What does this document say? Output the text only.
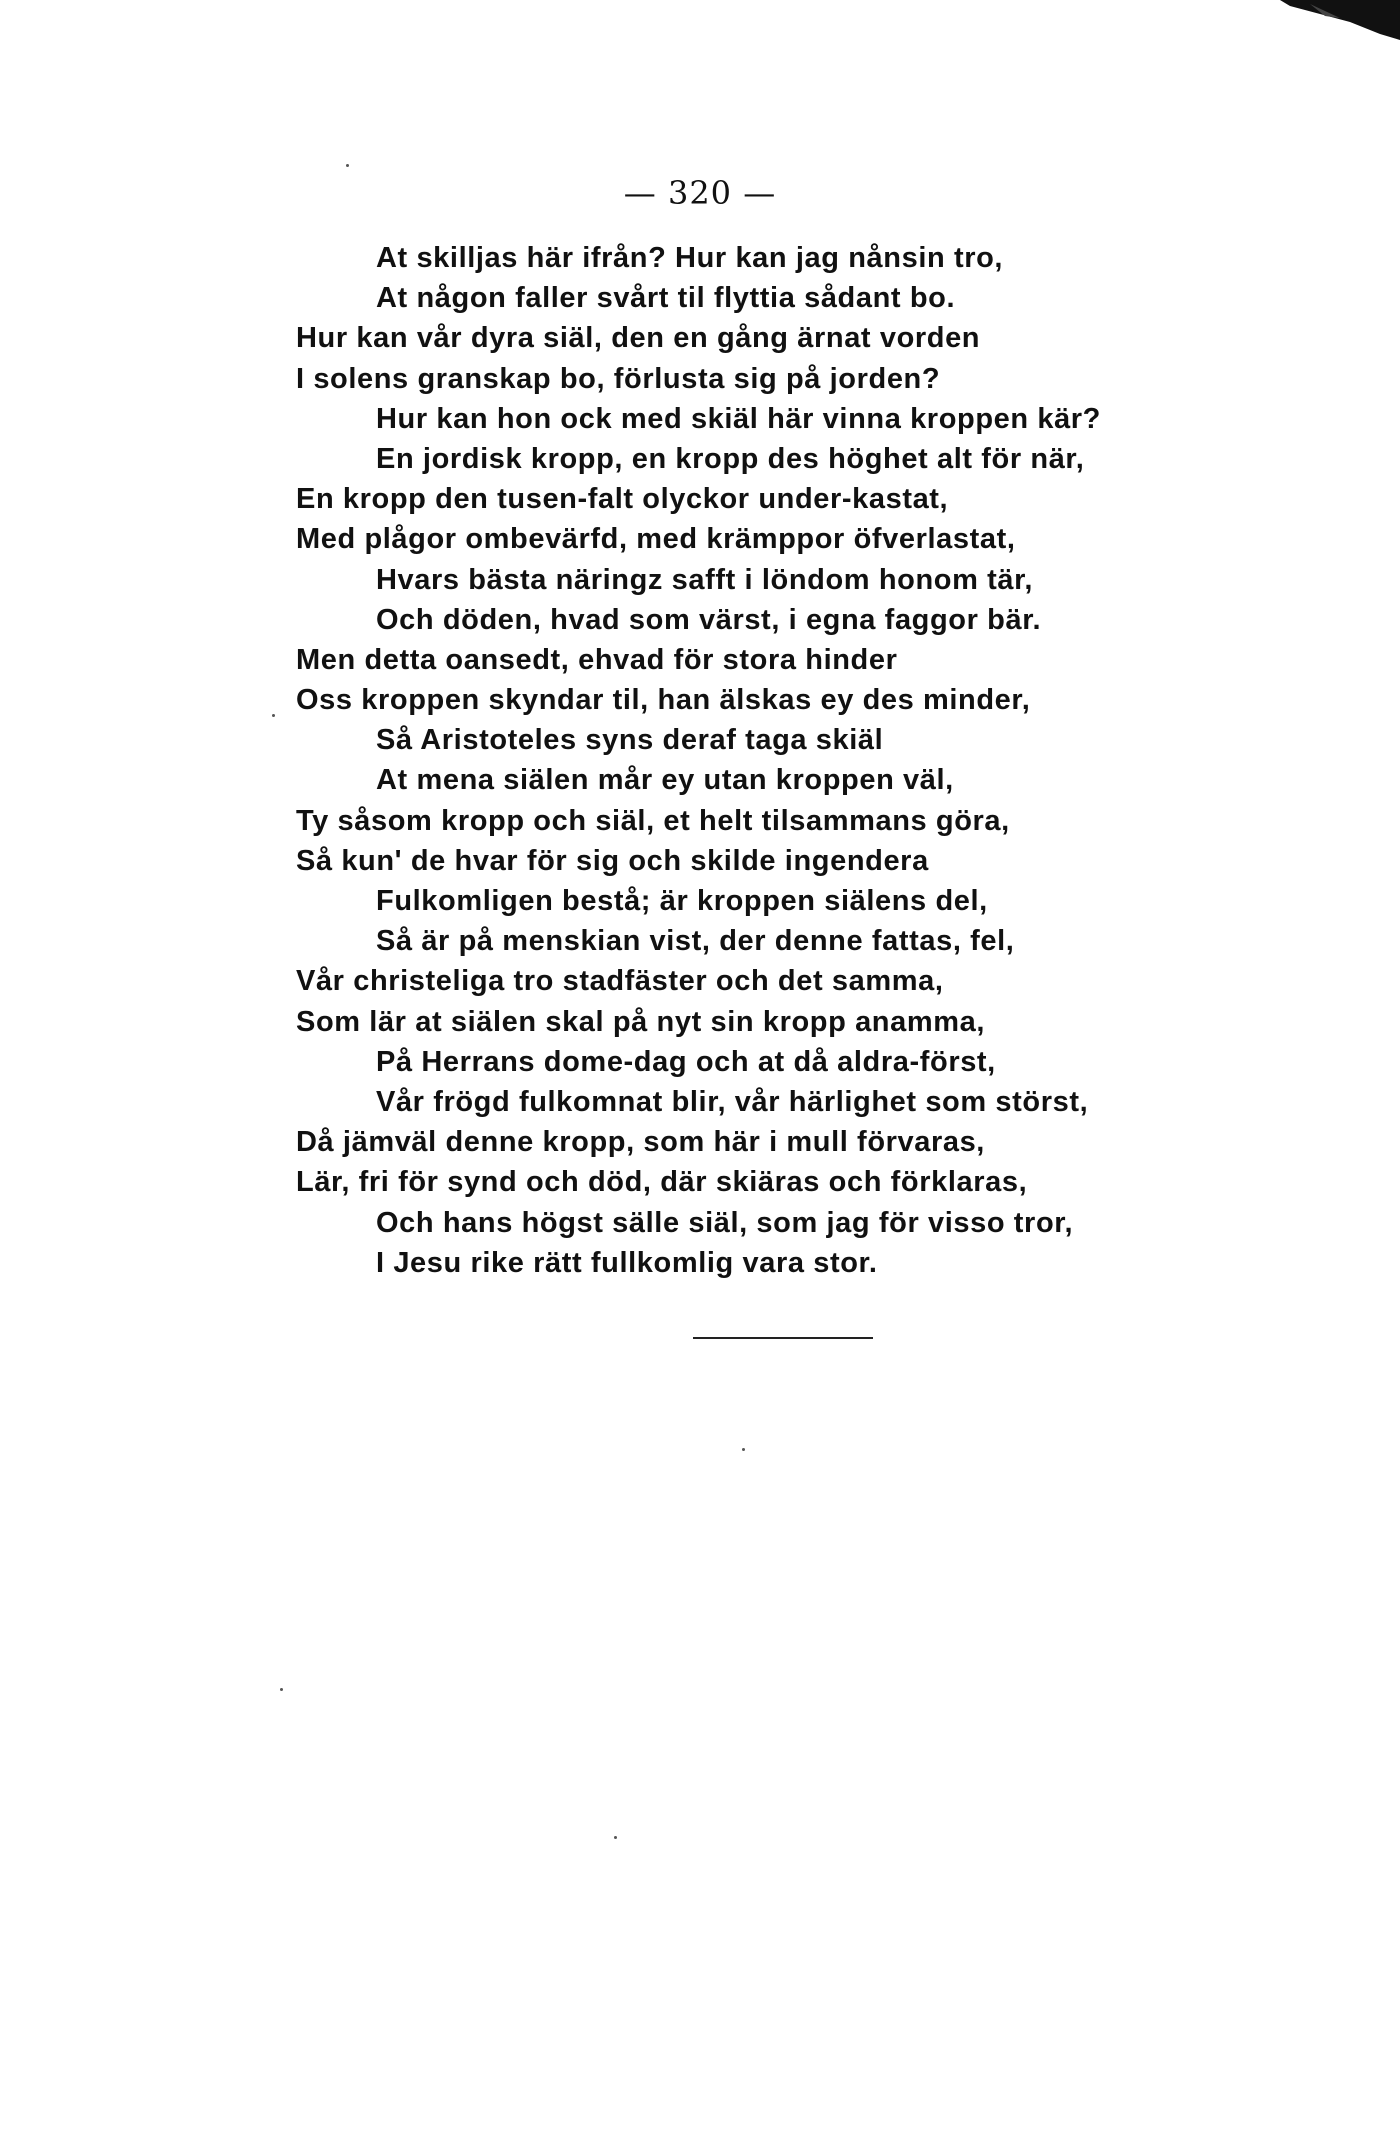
— 320 —
At skilljas här ifrån? Hur kan jag nånsin tro,
At någon faller svårt til flyttia sådant bo.
Hur kan vår dyra siäl, den en gång ärnat vorden
I solens granskap bo, förlusta sig på jorden?
Hur kan hon ock med skiäl här vinna kroppen kär?
En jordisk kropp, en kropp des höghet alt för när,
En kropp den tusen-falt olyckor under-kastat,
Med plågor ombevärfd, med krämppor öfverlastat,
Hvars bästa näringz safft i löndom honom tär,
Och döden, hvad som värst, i egna faggor bär.
Men detta oansedt, ehvad för stora hinder
Oss kroppen skyndar til, han älskas ey des minder,
Så Aristoteles syns deraf taga skiäl
At mena siälen mår ey utan kroppen väl,
Ty såsom kropp och siäl, et helt tilsammans göra,
Så kun' de hvar för sig och skilde ingendera
Fulkomligen bestå; är kroppen siälens del,
Så är på menskian vist, der denne fattas, fel,
Vår christeliga tro stadfäster och det samma,
Som lär at siälen skal på nyt sin kropp anamma,
På Herrans dome-dag och at då aldra-först,
Vår frögd fulkomnat blir, vår härlighet som störst,
Då jämväl denne kropp, som här i mull förvaras,
Lär, fri för synd och död, där skiäras och förklaras,
Och hans högst sälle siäl, som jag för visso tror,
I Jesu rike rätt fullkomlig vara stor.
